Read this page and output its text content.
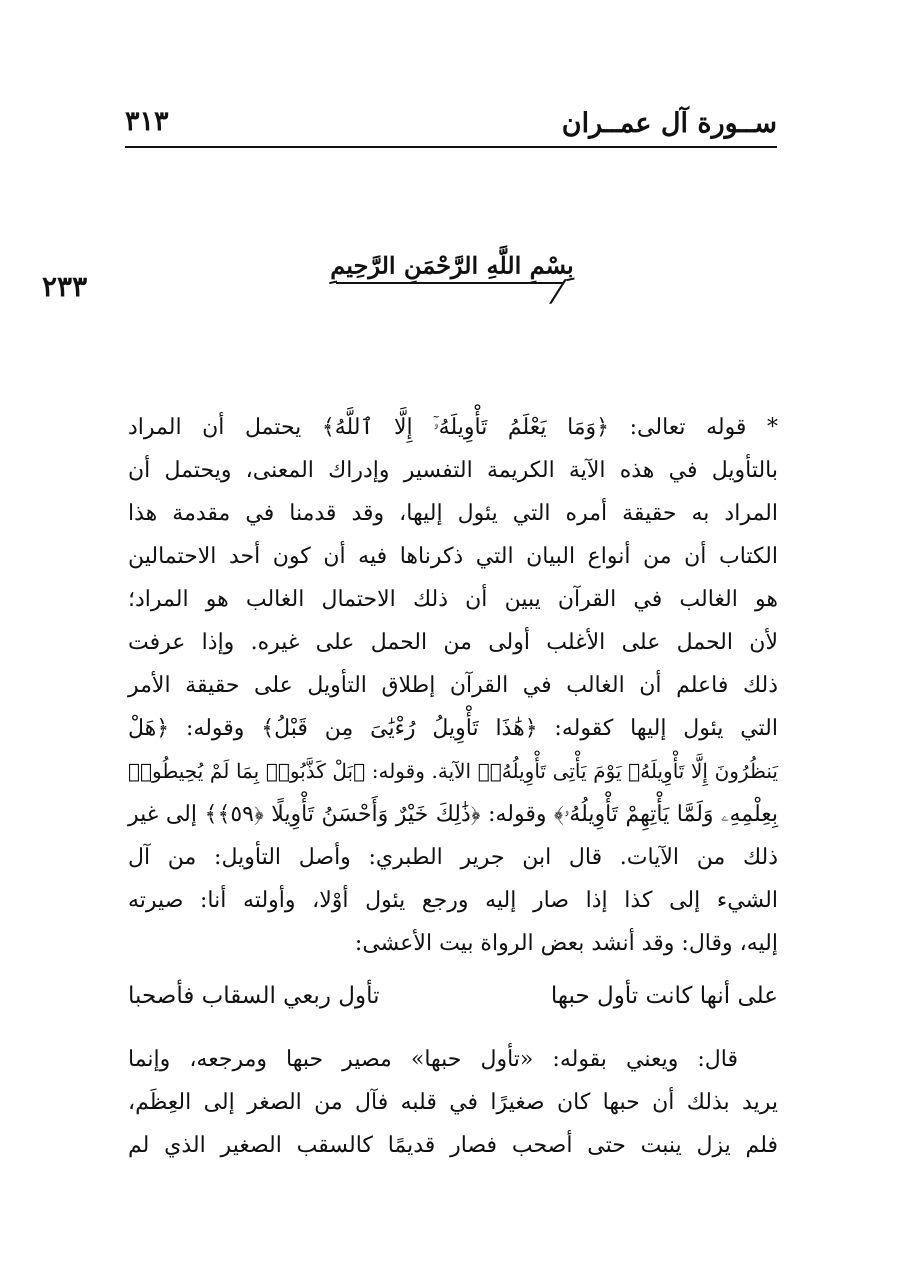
ســورة آل عمــران
٣١٣
٢٣٣
بِسْمِ اللَّهِ الرَّحْمَنِ الرَّحِيمِ
/
* قوله تعالى: ﴿وَمَا يَعْلَمُ تَأْوِيلَهُۥٓ إِلَّا ٱللَّهُ﴾ يحتمل أن المراد
بالتأويل في هذه الآية الكريمة التفسير وإدراك المعنى، ويحتمل أن
المراد به حقيقة أمره التي يئول إليها، وقد قدمنا في مقدمة هذا
الكتاب أن من أنواع البيان التي ذكرناها فيه أن كون أحد الاحتمالين
هو الغالب في القرآن يبين أن ذلك الاحتمال الغالب هو المراد؛
لأن الحمل على الأغلب أولى من الحمل على غيره. وإذا عرفت
ذلك فاعلم أن الغالب في القرآن إطلاق التأويل على حقيقة الأمر
التي يئول إليها كقوله: ﴿هَٰذَا تَأْوِيلُ رُءْيَٰىَ مِن قَبْلُ﴾ وقوله: ﴿هَلْ
يَنظُرُونَ إِلَّا تَأْوِيلَهُۥ يَوْمَ يَأْتِى تَأْوِيلُهُۥ﴾ الآية. وقوله: ﴿بَلْ كَذَّبُوا۟ بِمَا لَمْ يُحِيطُوا۟
بِعِلْمِهِۦ وَلَمَّا يَأْتِهِمْ تَأْوِيلُهُۥ﴾ وقوله: ﴿ذَٰلِكَ خَيْرٌ وَأَحْسَنُ تَأْوِيلًا ﴿٥٩﴾﴾ إلى غير
ذلك من الآيات. قال ابن جرير الطبري: وأصل التأويل: من آل
الشيء إلى كذا إذا صار إليه ورجع يئول أوْلا، وأولته أنا: صيرته
إليه، وقال: وقد أنشد بعض الرواة بيت الأعشى:
على أنها كانت تأول حبها
تأول ربعي السقاب فأصحبا
قال: ويعني بقوله: «تأول حبها» مصير حبها ومرجعه، وإنما
يريد بذلك أن حبها كان صغيرًا في قلبه فآل من الصغر إلى العِظَم،
فلم يزل ينبت حتى أصحب فصار قديمًا كالسقب الصغير الذي لم
